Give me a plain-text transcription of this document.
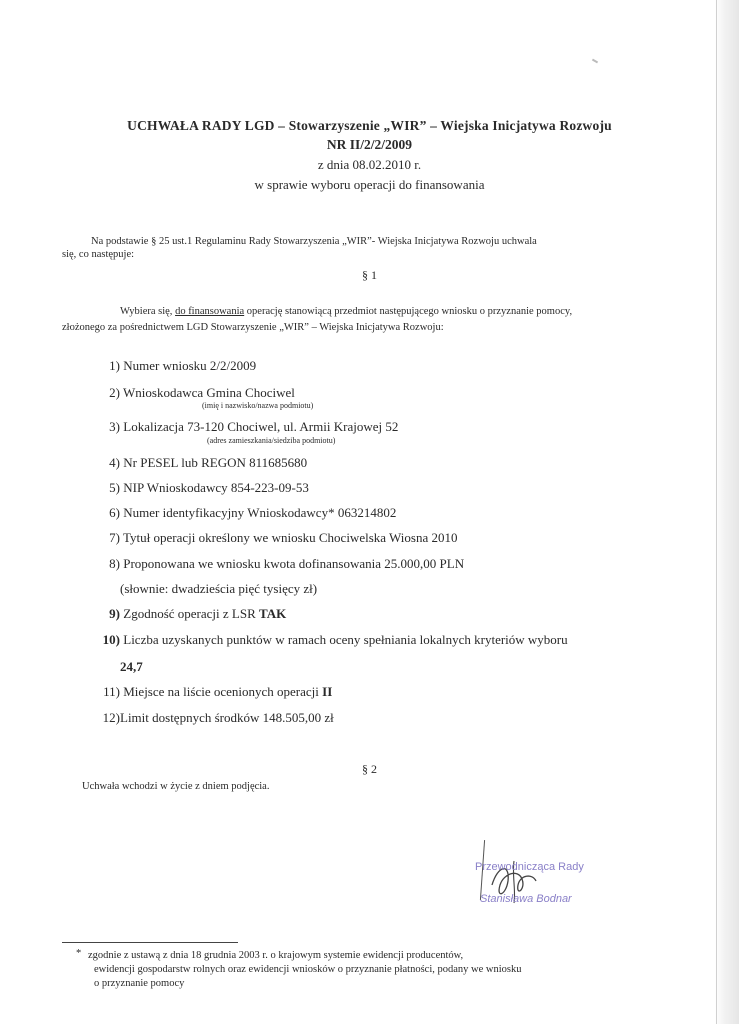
UCHWAŁA RADY LGD – Stowarzyszenie „WIR” – Wiejska Inicjatywa Rozwoju
NR II/2/2/2009
z dnia 08.02.2010 r.
w sprawie wyboru operacji do finansowania
Na podstawie § 25 ust.1 Regulaminu Rady Stowarzyszenia „WIR”- Wiejska Inicjatywa Rozwoju uchwala
się, co następuje:
§ 1
Wybiera się, do finansowania operację stanowiącą przedmiot następującego wniosku o przyznanie pomocy,
złożonego za pośrednictwem LGD Stowarzyszenie „WIR” – Wiejska Inicjatywa Rozwoju:
1) Numer wniosku 2/2/2009
2) Wnioskodawca Gmina Chociwel
(imię i nazwisko/nazwa podmiotu)
3) Lokalizacja 73-120 Chociwel, ul. Armii Krajowej 52
(adres zamieszkania/siedziba podmiotu)
4) Nr PESEL lub REGON 811685680
5) NIP Wnioskodawcy 854-223-09-53
6) Numer identyfikacyjny Wnioskodawcy* 063214802
7) Tytuł operacji określony we wniosku Chociwelska Wiosna 2010
8) Proponowana we wniosku kwota dofinansowania 25.000,00 PLN
(słownie: dwadzieścia pięć tysięcy zł)
9) Zgodność operacji z LSR TAK
10) Liczba uzyskanych punktów w ramach oceny spełniania lokalnych kryteriów wyboru
24,7
11) Miejsce na liście ocenionych operacji II
12)Limit dostępnych środków 148.505,00 zł
§ 2
Uchwała wchodzi w życie z dniem podjęcia.
Przewodnicząca Rady
Stanisława Bodnar
* zgodnie z ustawą z dnia 18 grudnia 2003 r. o krajowym systemie ewidencji producentów,
ewidencji gospodarstw rolnych oraz ewidencji wniosków o przyznanie płatności, podany we wniosku
o przyznanie pomocy
